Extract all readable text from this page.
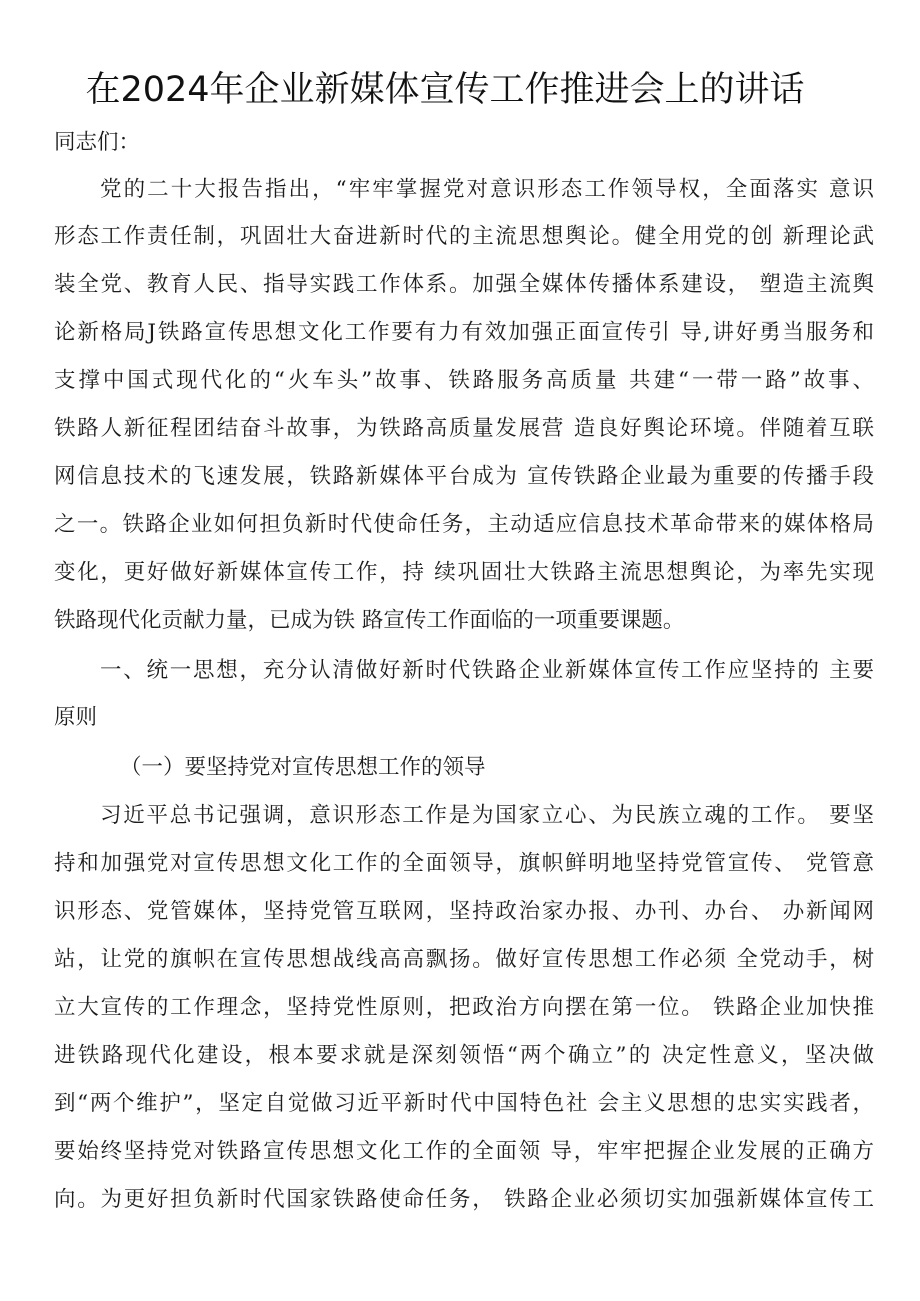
在2024年企业新媒体宣传工作推进会上的讲话
同志们：
党的二十大报告指出，“牢牢掌握党对意识形态工作领导权，全面落实 意识
形态工作责任制，巩固壮大奋进新时代的主流思想舆论。健全用党的创 新理论武
装全党、教育人民、指导实践工作体系。加强全媒体传播体系建设， 塑造主流舆
论新格局J铁路宣传思想文化工作要有力有效加强正面宣传引 导,讲好勇当服务和
支撑中国式现代化的“火车头”故事、铁路服务高质量 共建“一带一路”故事、
铁路人新征程团结奋斗故事，为铁路高质量发展营 造良好舆论环境。伴随着互联
网信息技术的飞速发展，铁路新媒体平台成为 宣传铁路企业最为重要的传播手段
之一。铁路企业如何担负新时代使命任务，主动适应信息技术革命带来的媒体格局
变化，更好做好新媒体宣传工作，持 续巩固壮大铁路主流思想舆论，为率先实现
铁路现代化贡献力量，已成为铁 路宣传工作面临的一项重要课题。
一、统一思想，充分认清做好新时代铁路企业新媒体宣传工作应坚持的 主要
原则
（一）要坚持党对宣传思想工作的领导
习近平总书记强调，意识形态工作是为国家立心、为民族立魂的工作。 要坚
持和加强党对宣传思想文化工作的全面领导，旗帜鲜明地坚持党管宣传、 党管意
识形态、党管媒体，坚持党管互联网，坚持政治家办报、办刊、办台、 办新闻网
站，让党的旗帜在宣传思想战线高高飘扬。做好宣传思想工作必须 全党动手，树
立大宣传的工作理念，坚持党性原则，把政治方向摆在第一位。 铁路企业加快推
进铁路现代化建设，根本要求就是深刻领悟“两个确立”的 决定性意义，坚决做
到“两个维护”，坚定自觉做习近平新时代中国特色社 会主义思想的忠实实践者，
要始终坚持党对铁路宣传思想文化工作的全面领 导，牢牢把握企业发展的正确方
向。为更好担负新时代国家铁路使命任务， 铁路企业必须切实加强新媒体宣传工
